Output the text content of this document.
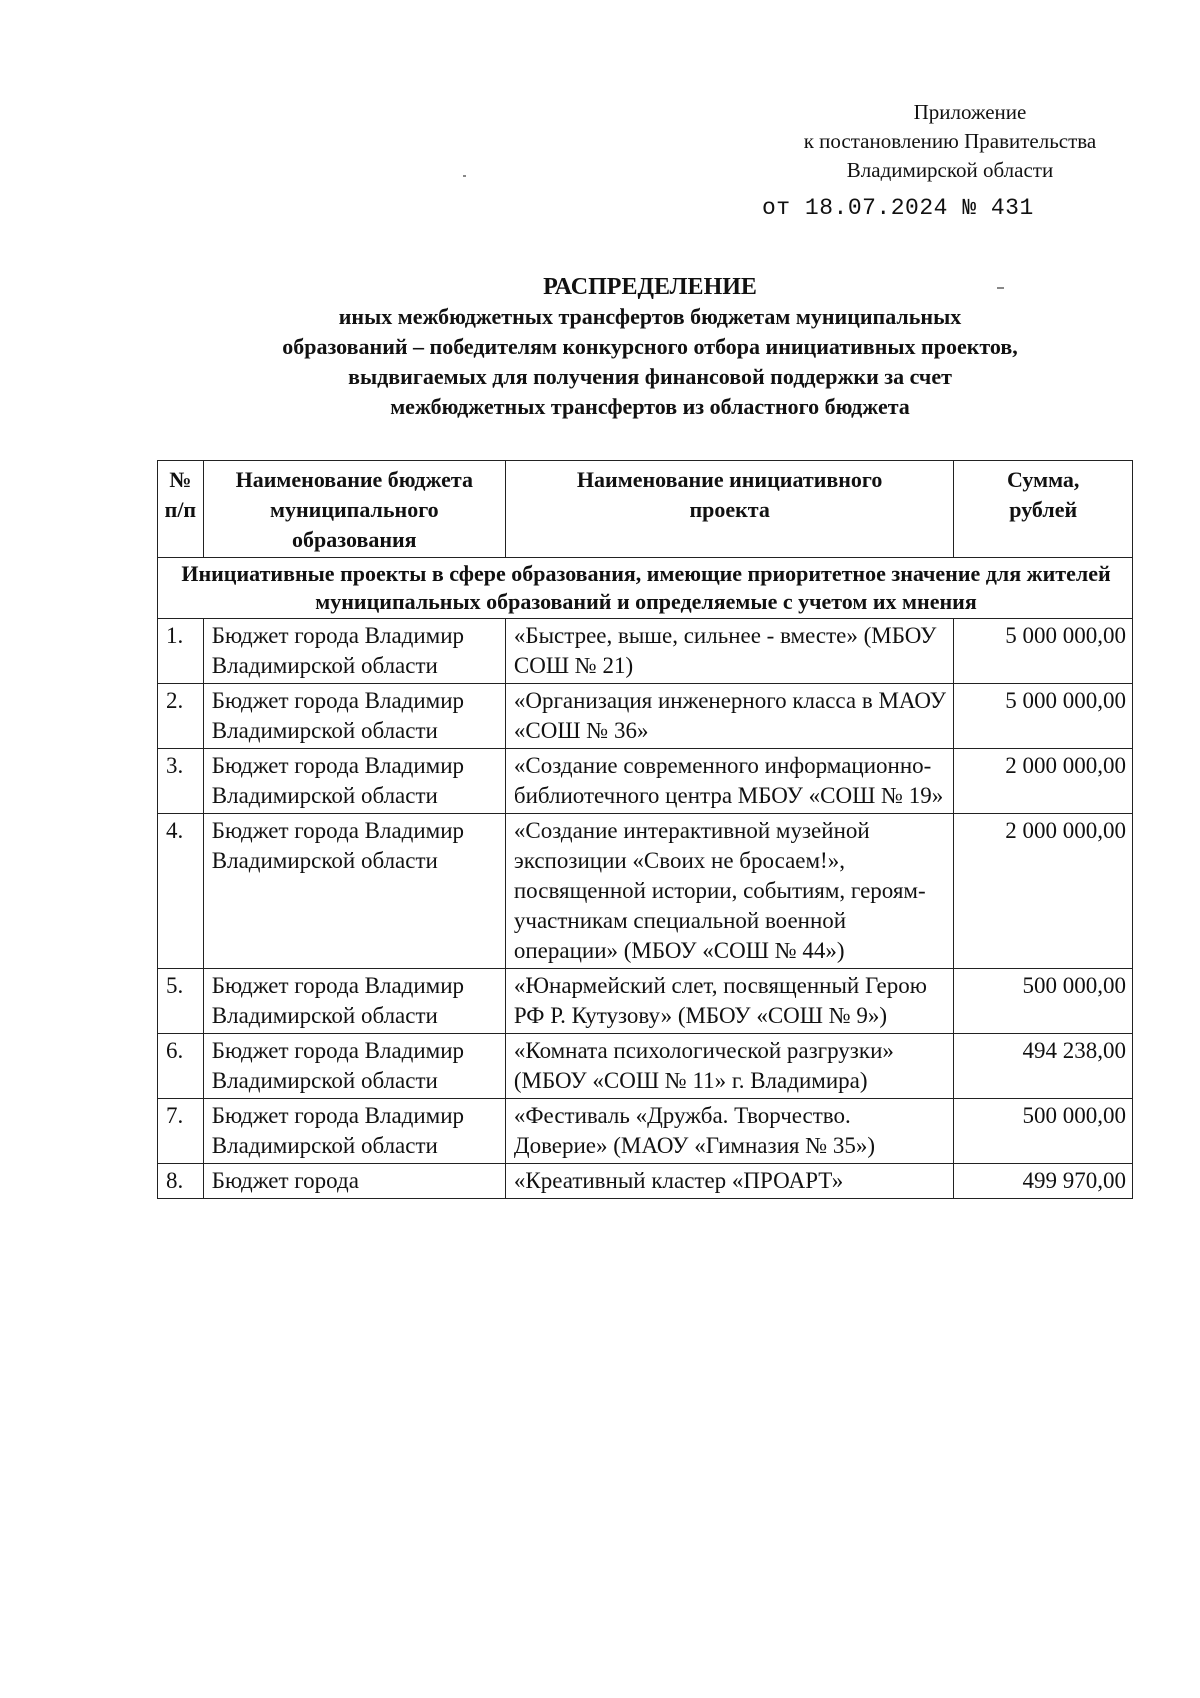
Приложение
к постановлению Правительства
Владимирской области
от 18.07.2024 № 431
РАСПРЕДЕЛЕНИЕ
иных межбюджетных трансфертов бюджетам муниципальных
образований – победителям конкурсного отбора инициативных проектов,
выдвигаемых для получения финансовой поддержки за счет
межбюджетных трансфертов из областного бюджета
№ п/п	Наименование бюджета муниципального образования	Наименование инициативного проекта	Сумма, рублей
Инициативные проекты в сфере образования, имеющие приоритетное значение для жителей муниципальных образований и определяемые с учетом их мнения			
1.	Бюджет города Владимир Владимирской области	«Быстрее, выше, сильнее - вместе» (МБОУ СОШ № 21)	5 000 000,00
2.	Бюджет города Владимир Владимирской области	«Организация инженерного класса в МАОУ «СОШ № 36»	5 000 000,00
3.	Бюджет города Владимир Владимирской области	«Создание современного информационно-библиотечного центра МБОУ «СОШ № 19»	2 000 000,00
4.	Бюджет города Владимир Владимирской области	«Создание интерактивной музейной экспозиции «Своих не бросаем!», посвященной истории, событиям, героям-участникам специальной военной операции» (МБОУ «СОШ № 44»)	2 000 000,00
5.	Бюджет города Владимир Владимирской области	«Юнармейский слет, посвященный Герою РФ Р. Кутузову» (МБОУ «СОШ № 9»)	500 000,00
6.	Бюджет города Владимир Владимирской области	«Комната психологической разгрузки» (МБОУ «СОШ № 11» г. Владимира)	494 238,00
7.	Бюджет города Владимир Владимирской области	«Фестиваль «Дружба. Творчество. Доверие» (МАОУ «Гимназия № 35»)	500 000,00
8.	Бюджет города	«Креативный кластер «ПРОАРТ»	499 970,00
